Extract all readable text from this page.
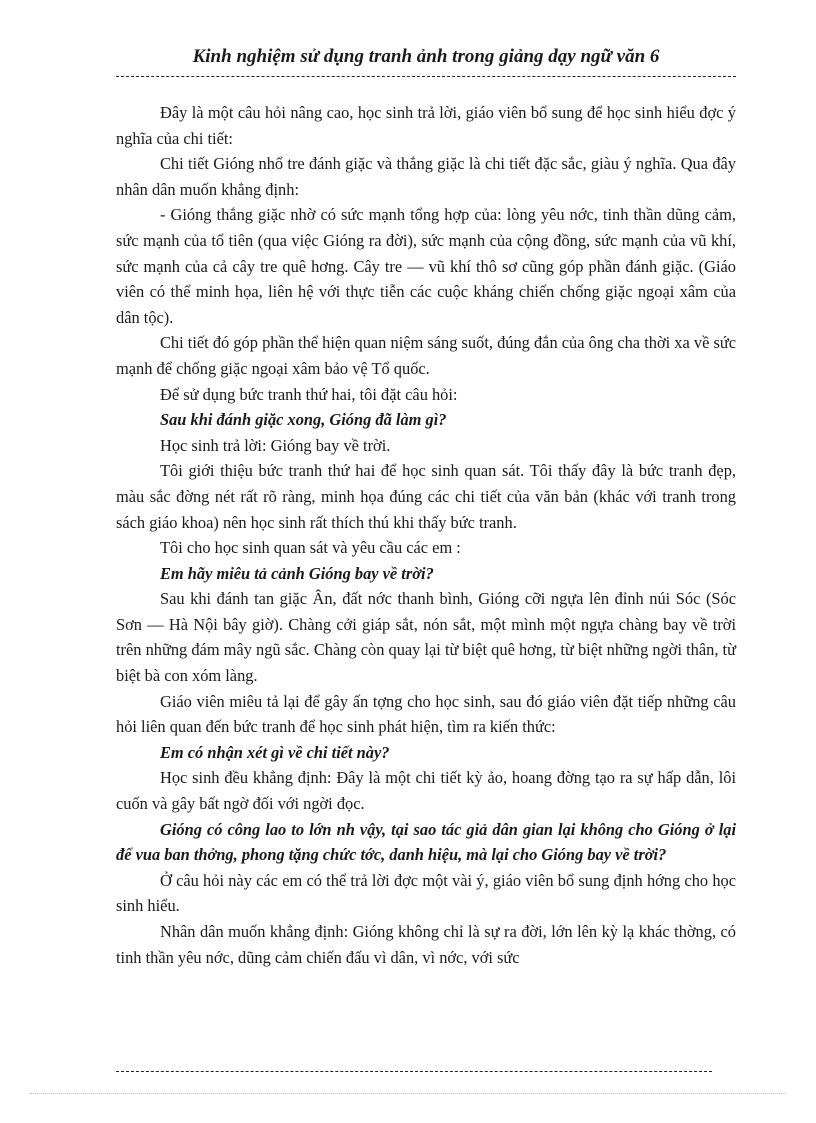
Kinh nghiệm sử dụng tranh ảnh trong giảng dạy ngữ văn 6

Đây là một câu hỏi nâng cao, học sinh trả lời, giáo viên bổ sung để học sinh hiểu đợc ý nghĩa của chi tiết:

Chi tiết Gióng nhổ tre đánh giặc và thắng giặc là chi tiết đặc sắc, giàu ý nghĩa. Qua đây nhân dân muốn khẳng định:

- Gióng thắng giặc nhờ có sức mạnh tổng hợp của: lòng yêu nớc, tinh thần dũng cảm, sức mạnh của tổ tiên (qua việc Gióng ra đời), sức mạnh của cộng đồng, sức mạnh của vũ khí, sức mạnh của cả cây tre quê hơng. Cây tre — vũ khí thô sơ cũng góp phần đánh giặc. (Giáo viên có thể minh họa, liên hệ với thực tiễn các cuộc kháng chiến chống giặc ngoại xâm của dân tộc).

Chi tiết đó góp phần thể hiện quan niệm sáng suốt, đúng đắn của ông cha thời xa về sức mạnh để chống giặc ngoại xâm bảo vệ Tổ quốc.

Để sử dụng bức tranh thứ hai, tôi đặt câu hỏi:

Sau khi đánh giặc xong, Gióng đã làm gì?

Học sinh trả lời: Gióng bay về trời.

Tôi giới thiệu bức tranh thứ hai để học sinh quan sát. Tôi thấy đây là bức tranh đẹp, màu sắc đờng nét rất rõ ràng, minh họa đúng các chi tiết của văn bản (khác với tranh trong sách giáo khoa) nên học sinh rất thích thú khi thấy bức tranh.

Tôi cho học sinh quan sát và yêu cầu các em :

Em hãy miêu tả cảnh Gióng bay về trời?

Sau khi đánh tan giặc Ân, đất nớc thanh bình, Gióng cỡi ngựa lên đỉnh núi Sóc (Sóc Sơn — Hà Nội bây giờ). Chàng cởi giáp sắt, nón sắt, một mình một ngựa chàng bay về trời trên những đám mây ngũ sắc. Chàng còn quay lại từ biệt quê hơng, từ biệt những ngời thân, từ biệt bà con xóm làng.

Giáo viên miêu tả lại để gây ấn tợng cho học sinh, sau đó giáo viên đặt tiếp những câu hỏi liên quan đến bức tranh để học sinh phát hiện, tìm ra kiến thức:

Em có nhận xét gì về chi tiết này?

Học sinh đều khẳng định: Đây là một chi tiết kỳ ảo, hoang đờng tạo ra sự hấp dẫn, lôi cuốn và gây bất ngờ đối với ngời đọc.

Gióng có công lao to lớn nh vậy, tại sao tác giả dân gian lại không cho Gióng ở lại để vua ban thởng, phong tặng chức tớc, danh hiệu, mà lại cho Gióng bay về trời?

Ở câu hỏi này các em có thể trả lời đợc một vài ý, giáo viên bổ sung định hớng cho học sinh hiểu.

Nhân dân muốn khẳng định: Gióng không chỉ là sự ra đời, lớn lên kỳ lạ khác thờng, có tinh thần yêu nớc, dũng cảm chiến đấu vì dân, vì nớc, với sức
